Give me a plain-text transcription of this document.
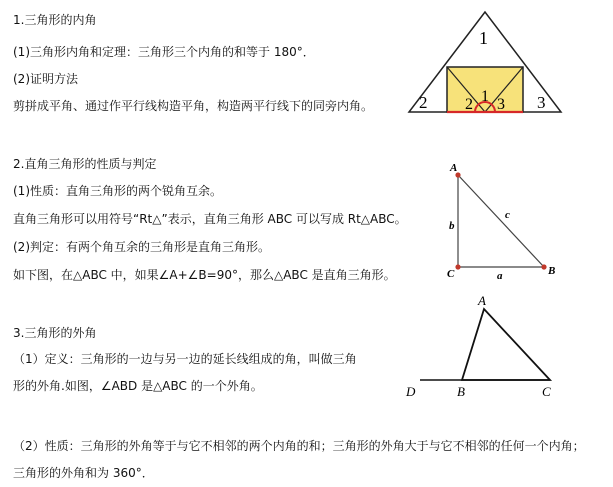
1.三角形的内角
(1)三角形内角和定理：三角形三个内角的和等于 180°．
(2)证明方法
剪拼成平角、通过作平行线构造平角，构造两平行线下的同旁内角。
1
2	3
2 1 3
2.直角三角形的性质与判定
(1)性质：直角三角形的两个锐角互余。
直角三角形可以用符号“Rt△”表示，直角三角形 ABC 可以写成 Rt△ABC。
(2)判定：有两个角互余的三角形是直角三角形。
如下图，在△ABC 中，如果∠A+∠B=90°，那么△ABC 是直角三角形。
A
C	B
b
a
c
3.三角形的外角
（1）定义：三角形的一边与另一边的延长线组成的角，叫做三角
形的外角.如图，∠ABD 是△ABC 的一个外角。
（2）性质：三角形的外角等于与它不相邻的两个内角的和；三角形的外角大于与它不相邻的任何一个内角；
三角形的外角和为 360°．
A
D	B	C
